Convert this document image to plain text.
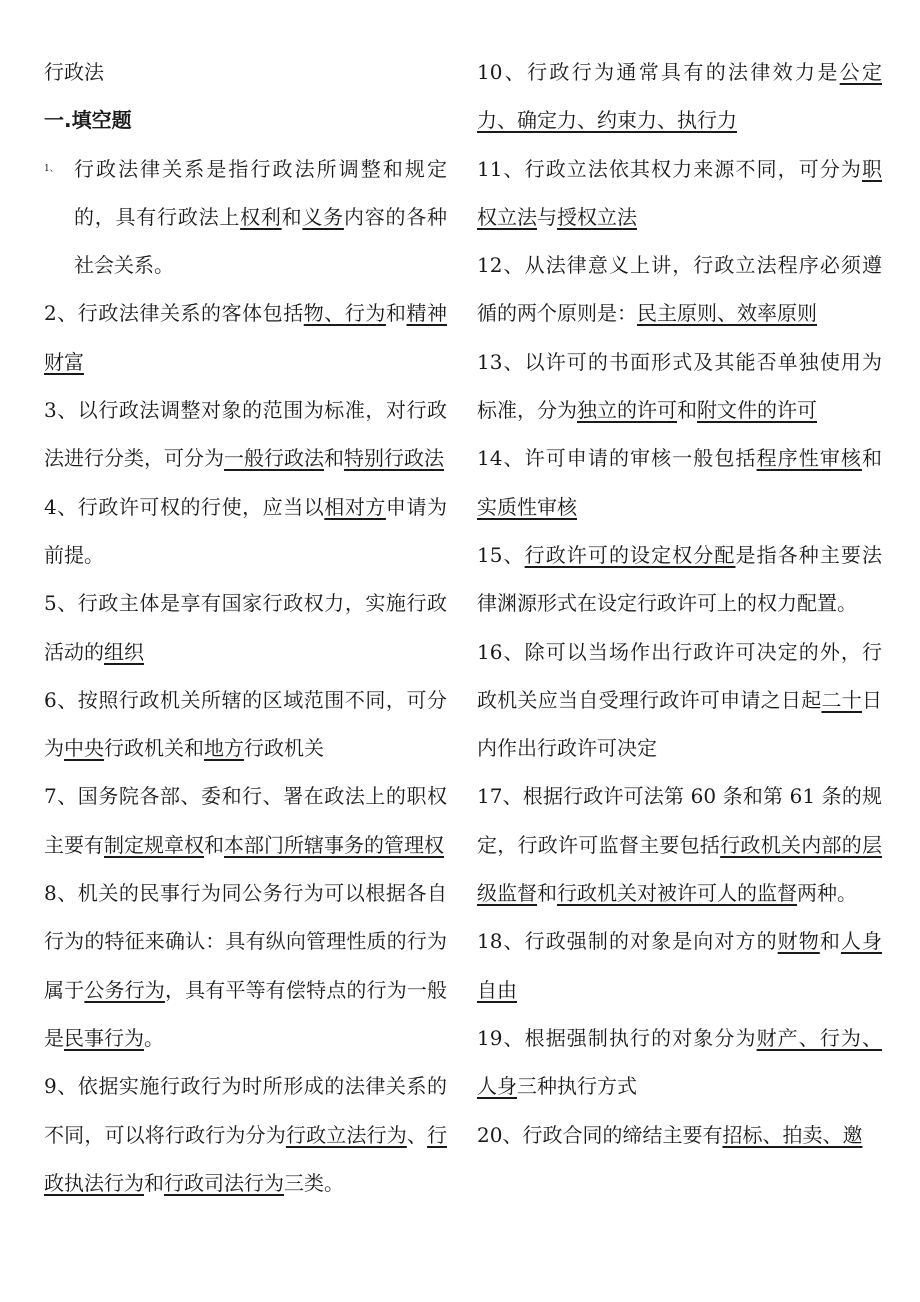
行政法

一.填空题

1、 行政法律关系是指行政法所调整和规定的，具有行政法上权利和义务内容的各种社会关系。

2、行政法律关系的客体包括物、行为和精神财富

3、以行政法调整对象的范围为标准，对行政法进行分类，可分为一般行政法和特别行政法

4、行政许可权的行使，应当以相对方申请为前提。

5、行政主体是享有国家行政权力，实施行政活动的组织

6、按照行政机关所辖的区域范围不同，可分为中央行政机关和地方行政机关

7、国务院各部、委和行、署在政法上的职权主要有制定规章权和本部门所辖事务的管理权

8、机关的民事行为同公务行为可以根据各自行为的特征来确认：具有纵向管理性质的行为属于公务行为，具有平等有偿特点的行为一般是民事行为。

9、依据实施行政行为时所形成的法律关系的不同，可以将行政行为分为行政立法行为、行政执法行为和行政司法行为三类。

10、行政行为通常具有的法律效力是公定力、确定力、约束力、执行力

11、行政立法依其权力来源不同，可分为职权立法与授权立法

12、从法律意义上讲，行政立法程序必须遵循的两个原则是：民主原则、效率原则

13、以许可的书面形式及其能否单独使用为标准，分为独立的许可和附文件的许可

14、许可申请的审核一般包括程序性审核和实质性审核

15、行政许可的设定权分配是指各种主要法律渊源形式在设定行政许可上的权力配置。

16、除可以当场作出行政许可决定的外，行政机关应当自受理行政许可申请之日起二十日内作出行政许可决定

17、根据行政许可法第 60 条和第 61 条的规定，行政许可监督主要包括行政机关内部的层级监督和行政机关对被许可人的监督两种。

18、行政强制的对象是向对方的财物和人身自由

19、根据强制执行的对象分为财产、行为、人身三种执行方式

20、行政合同的缔结主要有招标、拍卖、邀
